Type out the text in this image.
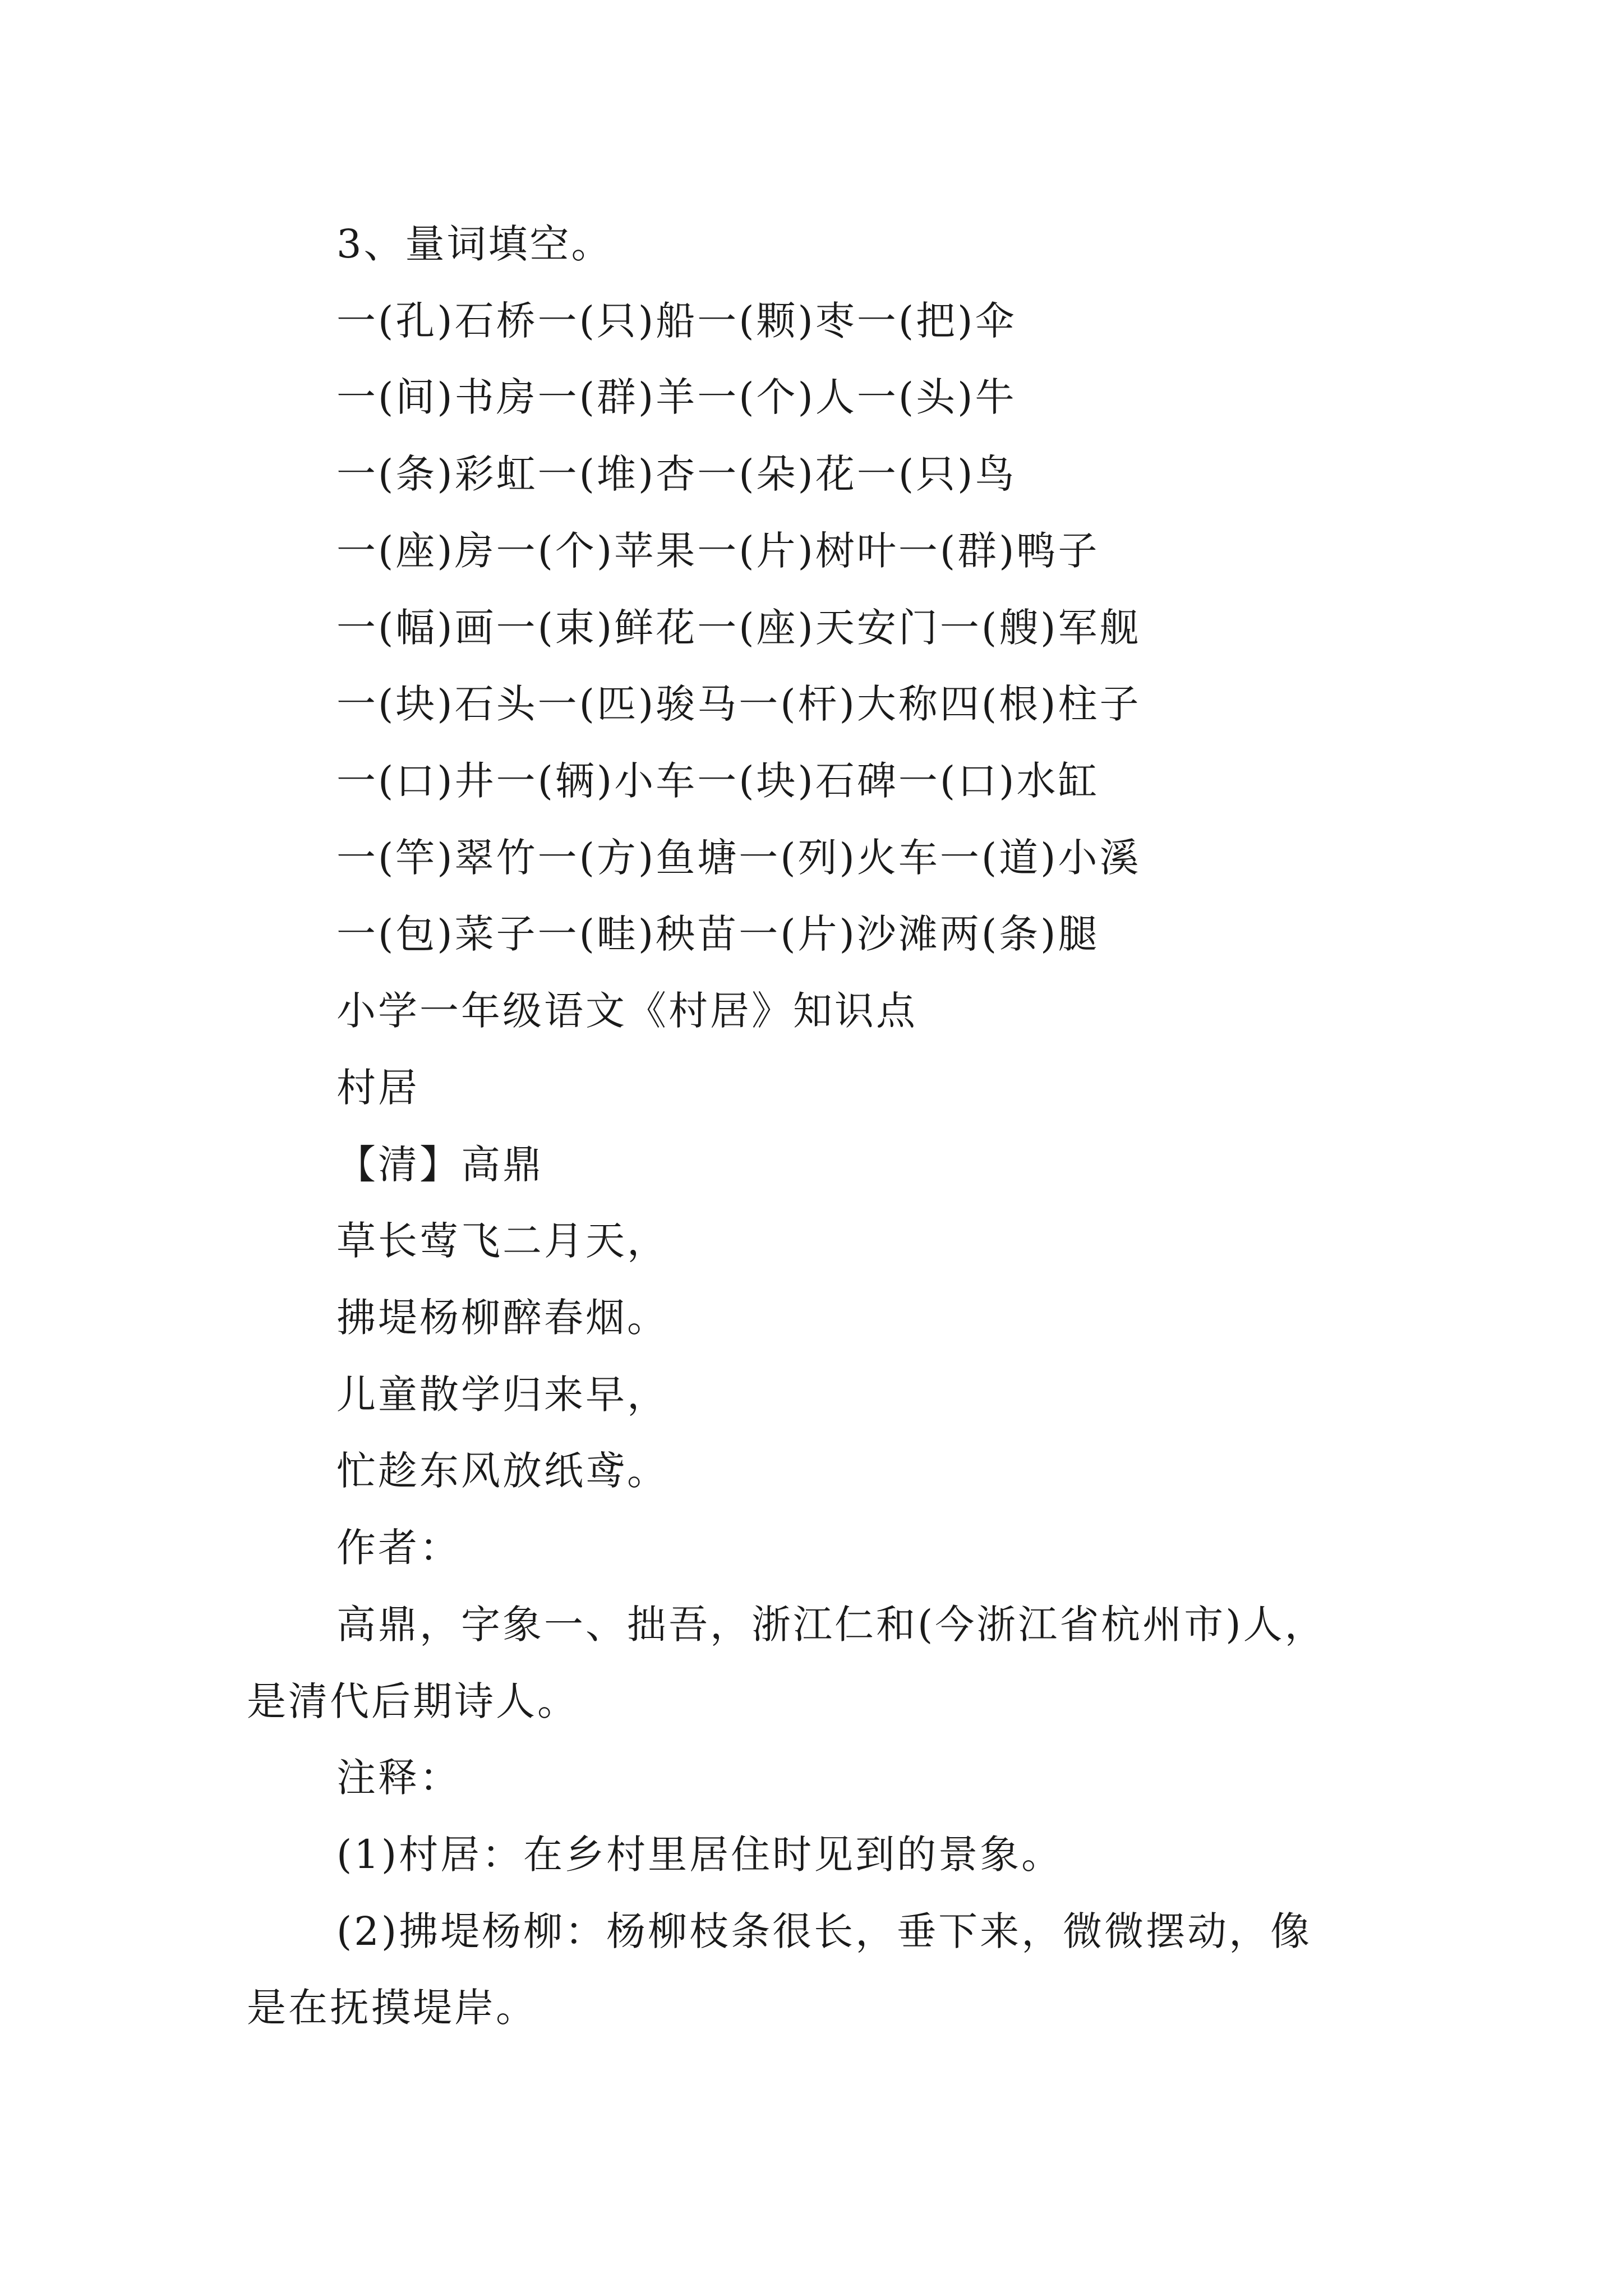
3、量词填空。
一(孔)石桥一(只)船一(颗)枣一(把)伞
一(间)书房一(群)羊一(个)人一(头)牛
一(条)彩虹一(堆)杏一(朵)花一(只)鸟
一(座)房一(个)苹果一(片)树叶一(群)鸭子
一(幅)画一(束)鲜花一(座)天安门一(艘)军舰
一(块)石头一(匹)骏马一(杆)大称四(根)柱子
一(口)井一(辆)小车一(块)石碑一(口)水缸
一(竿)翠竹一(方)鱼塘一(列)火车一(道)小溪
一(包)菜子一(畦)秧苗一(片)沙滩两(条)腿
小学一年级语文《村居》知识点
村居
【清】高鼎
草长莺飞二月天，
拂堤杨柳醉春烟。
儿童散学归来早，
忙趁东风放纸鸢。
作者：
高鼎，字象一、拙吾，浙江仁和(今浙江省杭州市)人，
是清代后期诗人。
注释：
(1)村居：在乡村里居住时见到的景象。
(2)拂堤杨柳：杨柳枝条很长，垂下来，微微摆动，像
是在抚摸堤岸。
